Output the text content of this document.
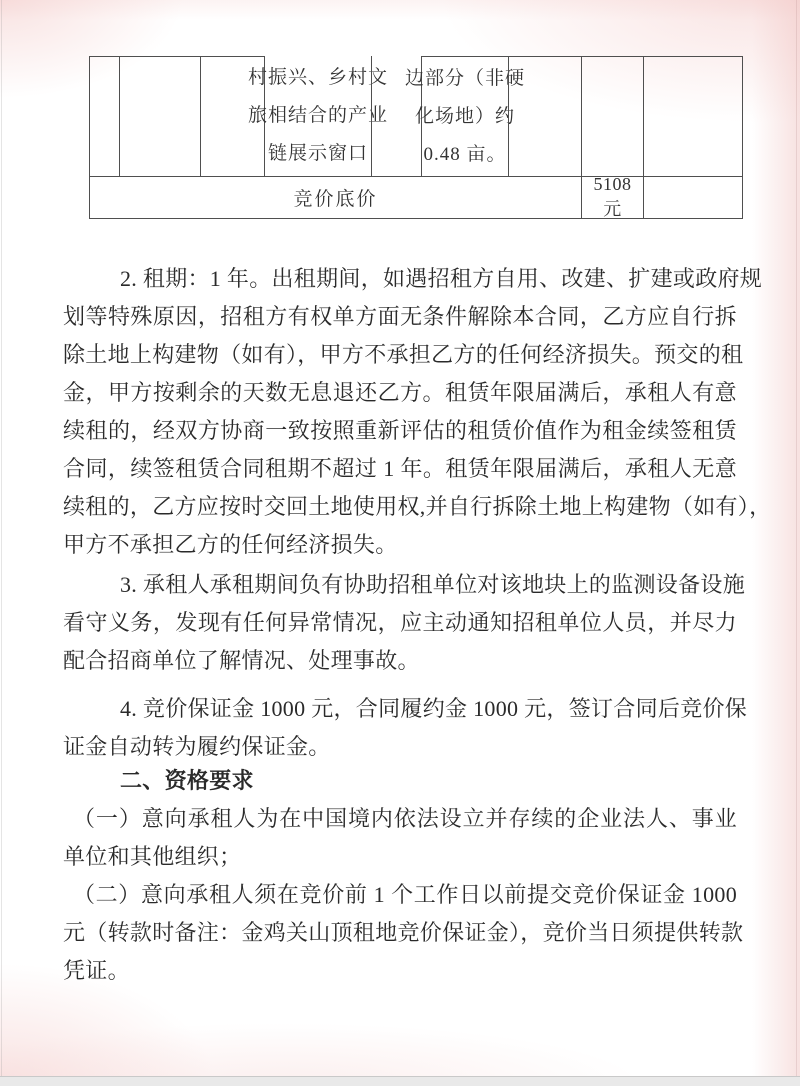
村振兴、乡村文
旅相结合的产业
链展示窗口
边部分（非硬
化场地）约
0.48 亩。
竞价底价
5108 元
2. 租期：1 年。出租期间，如遇招租方自用、改建、扩建或政府规
划等特殊原因，招租方有权单方面无条件解除本合同，乙方应自行拆
除土地上构建物（如有），甲方不承担乙方的任何经济损失。预交的租
金，甲方按剩余的天数无息退还乙方。租赁年限届满后，承租人有意
续租的，经双方协商一致按照重新评估的租赁价值作为租金续签租赁
合同，续签租赁合同租期不超过 1 年。租赁年限届满后，承租人无意
续租的，乙方应按时交回土地使用权,并自行拆除土地上构建物（如有），
甲方不承担乙方的任何经济损失。
3. 承租人承租期间负有协助招租单位对该地块上的监测设备设施
看守义务，发现有任何异常情况，应主动通知招租单位人员，并尽力
配合招商单位了解情况、处理事故。
4. 竞价保证金 1000 元，合同履约金 1000 元，签订合同后竞价保
证金自动转为履约保证金。
二、资格要求
（一）意向承租人为在中国境内依法设立并存续的企业法人、事业
单位和其他组织；
（二）意向承租人须在竞价前 1 个工作日以前提交竞价保证金 1000
元（转款时备注：金鸡关山顶租地竞价保证金），竞价当日须提供转款
凭证。
